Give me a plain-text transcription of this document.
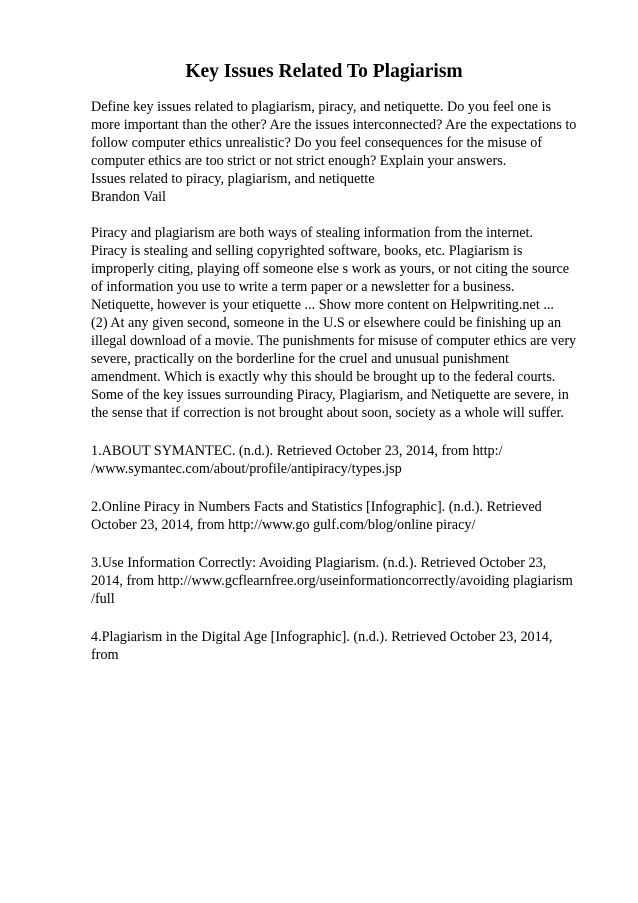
Key Issues Related To Plagiarism
Define key issues related to plagiarism, piracy, and netiquette. Do you feel one is
more important than the other? Are the issues interconnected? Are the expectations to
follow computer ethics unrealistic? Do you feel consequences for the misuse of
computer ethics are too strict or not strict enough? Explain your answers.
Issues related to piracy, plagiarism, and netiquette
Brandon Vail
Piracy and plagiarism are both ways of stealing information from the internet.
Piracy is stealing and selling copyrighted software, books, etc. Plagiarism is
improperly citing, playing off someone else s work as yours, or not citing the source
of information you use to write a term paper or a newsletter for a business.
Netiquette, however is your etiquette ... Show more content on Helpwriting.net ...
(2) At any given second, someone in the U.S or elsewhere could be finishing up an
illegal download of a movie. The punishments for misuse of computer ethics are very
severe, practically on the borderline for the cruel and unusual punishment
amendment. Which is exactly why this should be brought up to the federal courts.
Some of the key issues surrounding Piracy, Plagiarism, and Netiquette are severe, in
the sense that if correction is not brought about soon, society as a whole will suffer.
1.ABOUT SYMANTEC. (n.d.). Retrieved October 23, 2014, from http:/
/www.symantec.com/about/profile/antipiracy/types.jsp
2.Online Piracy in Numbers Facts and Statistics [Infographic]. (n.d.). Retrieved
October 23, 2014, from http://www.go gulf.com/blog/online piracy/
3.Use Information Correctly: Avoiding Plagiarism. (n.d.). Retrieved October 23,
2014, from http://www.gcflearnfree.org/useinformationcorrectly/avoiding plagiarism
/full
4.Plagiarism in the Digital Age [Infographic]. (n.d.). Retrieved October 23, 2014,
from
